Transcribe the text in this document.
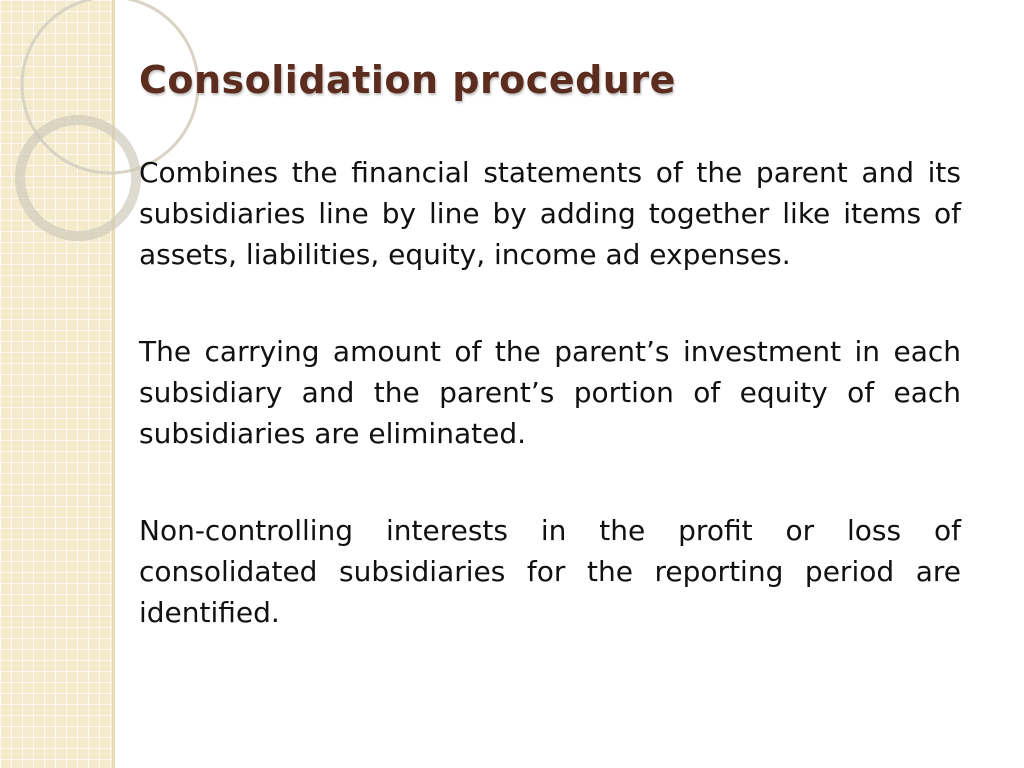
Consolidation procedure

Combines the financial statements of the parent and its subsidiaries line by line by adding together like items of assets, liabilities, equity, income ad expenses.

The carrying amount of the parent’s investment in each subsidiary and the parent’s portion of equity of each subsidiaries are eliminated.

Non-controlling interests in the profit or loss of consolidated subsidiaries for the reporting period are identified.
